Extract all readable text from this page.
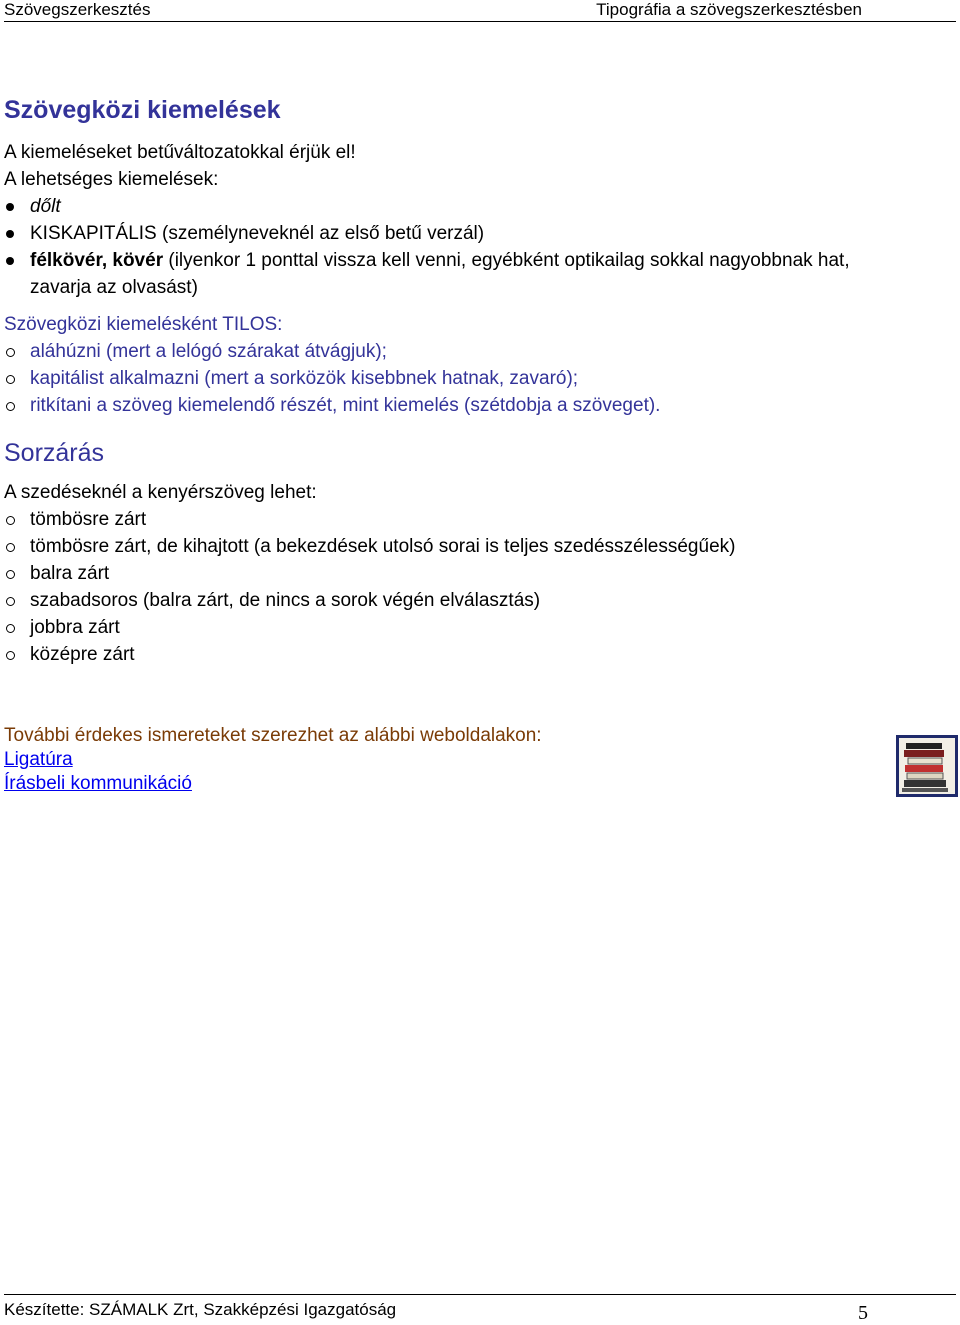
Szövegszerkesztés	Tipográfia a szövegszerkesztésben
Szövegközi kiemelések

A kiemeléseket betűváltozatokkal érjük el!

A lehetséges kiemelések:

dőlt
KISKAPITÁLIS (személyneveknél az első betű verzál)
félkövér, kövér (ilyenkor 1 ponttal vissza kell venni, egyébként optikailag sokkal nagyobbnak hat, zavarja az olvasást)

Szövegközi kiemelésként TILOS:

aláhúzni (mert a lelógó szárakat átvágjuk);
kapitálist alkalmazni (mert a sorközök kisebbnek hatnak, zavaró);
ritkítani a szöveg kiemelendő részét, mint kiemelés (szétdobja a szöveget).
Sorzárás

A szedéseknél a kenyérszöveg lehet:

tömbösre zárt
tömbösre zárt, de kihajtott (a bekezdések utolsó sorai is teljes szedésszélességűek)
balra zárt
szabadsoros (balra zárt, de nincs a sorok végén elválasztás)
jobbra zárt
középre zárt

További érdekes ismereteket szerezhet az alábbi weboldalakon:

Ligatúra
Írásbeli kommunikáció
Készítette: SZÁMALK Zrt, Szakképzési Igazgatóság	5
